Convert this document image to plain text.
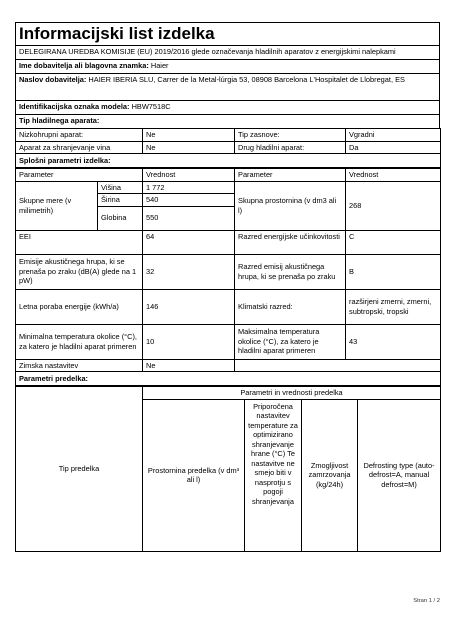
Informacijski list izdelka
DELEGIRANA UREDBA KOMISIJE (EU) 2019/2016 glede označevanja hladilnih aparatov z energijskimi nalepkami
Ime dobavitelja ali blagovna znamka: Haier
Naslov dobavitelja: HAIER IBERIA SLU, Carrer de la Metal-lúrgia 53, 08908 Barcelona L'Hospitalet de Llobregat, ES
Identifikacijska oznaka modela: HBW7518C
Tip hladilnega aparata:
Nizkohrupni aparat:	Ne	Tip zasnove:	Vgradni
Aparat za shranjevanje vina	Ne	Drug hladilni aparat:	Da
Splošni parametri izdelka:			
Parameter		Vrednost	Parameter	Vrednost
Skupne mere (v milimetrih)	Višina	1 772	Skupna prostornina (v dm3 ali l)	268
	Širina	540		
	Globina	550		
EEI		64	Razred energijske učinkovitosti	C
Emisije akustičnega hrupa, ki se prenaša po zraku (dB(A) glede na 1 pW)		32	Razred emisij akustičnega hrupa, ki se prenaša po zraku	B
Letna poraba energije (kWh/a)		146	Klimatski razred:	razširjeni zmerni, zmerni, subtropski, tropski
Minimalna temperatura okolice (°C), za katero je hladilni aparat primeren		10	Maksimalna temperatura okolice (°C), za katero je hladilni aparat primeren	43
Zimska nastavitev		Ne		
Parametri predelka:				
Tip predelka	Parametri in vrednosti predelka			
	Prostornina predelka (v dm³ ali l)	Priporočena nastavitev temperature za optimizirano shranjevanje hrane (°C) Te nastavitve ne smejo biti v nasprotju s pogoji shranjevanja	Zmogljivost zamrzovanja (kg/24h)	Defrosting type (auto-defrost=A, manual defrost=M)
Stran 1 / 2
